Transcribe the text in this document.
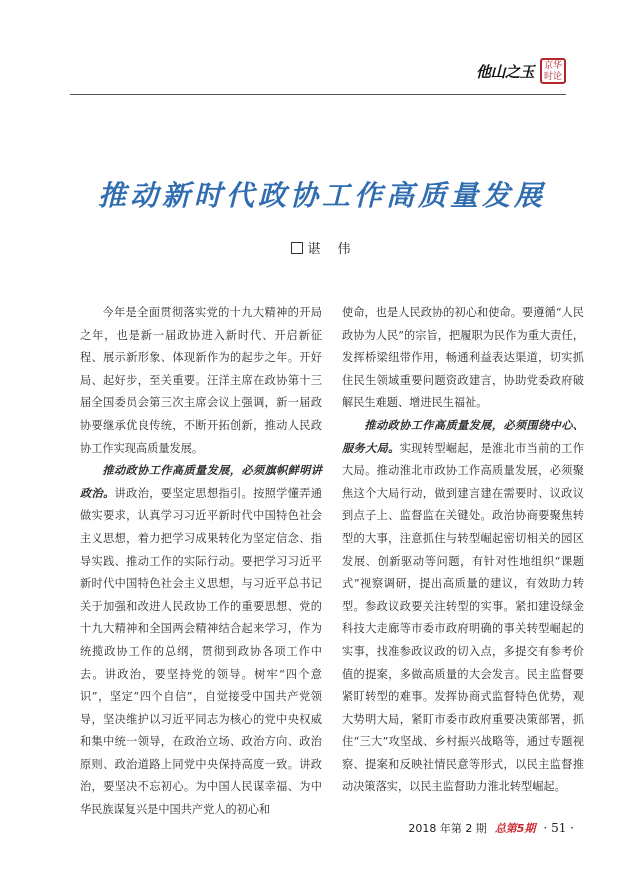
他山之玉	京华时论
推动新时代政协工作高质量发展
谌　伟

今年是全面贯彻落实党的十九大精神的开局之年，也是新一届政协进入新时代、开启新征程、展示新形象、体现新作为的起步之年。开好局、起好步，至关重要。汪洋主席在政协第十三届全国委员会第三次主席会议上强调，新一届政协要继承优良传统，不断开拓创新，推动人民政协工作实现高质量发展。

推动政协工作高质量发展，必须旗帜鲜明讲政治。讲政治，要坚定思想指引。按照学懂弄通做实要求，认真学习习近平新时代中国特色社会主义思想，着力把学习成果转化为坚定信念、指导实践、推动工作的实际行动。要把学习习近平新时代中国特色社会主义思想，与习近平总书记关于加强和改进人民政协工作的重要思想、党的十九大精神和全国两会精神结合起来学习，作为统揽政协工作的总纲，贯彻到政协各项工作中去。讲政治，要坚持党的领导。树牢“四个意识”，坚定“四个自信”，自觉接受中国共产党领导，坚决维护以习近平同志为核心的党中央权威和集中统一领导，在政治立场、政治方向、政治原则、政治道路上同党中央保持高度一致。讲政治，要坚决不忘初心。为中国人民谋幸福、为中华民族谋复兴是中国共产党人的初心和

使命，也是人民政协的初心和使命。要遵循“人民政协为人民”的宗旨，把履职为民作为重大责任，发挥桥梁纽带作用，畅通利益表达渠道，切实抓住民生领域重要问题资政建言，协助党委政府破解民生难题、增进民生福祉。

推动政协工作高质量发展，必须围绕中心、服务大局。实现转型崛起，是淮北市当前的工作大局。推动淮北市政协工作高质量发展，必须聚焦这个大局行动，做到建言建在需要时、议政议到点子上、监督监在关键处。政治协商要聚焦转型的大事，注意抓住与转型崛起密切相关的园区发展、创新驱动等问题，有针对性地组织“课题式”视察调研，提出高质量的建议，有效助力转型。参政议政要关注转型的实事。紧扣建设绿金科技大走廊等市委市政府明确的事关转型崛起的实事，找准参政议政的切入点，多提交有参考价值的提案，多做高质量的大会发言。民主监督要紧盯转型的难事。发挥协商式监督特色优势，观大势明大局，紧盯市委市政府重要决策部署，抓住“三大”攻坚战、乡村振兴战略等，通过专题视察、提案和反映社情民意等形式，以民主监督推动决策落实，以民主监督助力淮北转型崛起。

2018 年第 2 期 总第5期 · 51 ·
